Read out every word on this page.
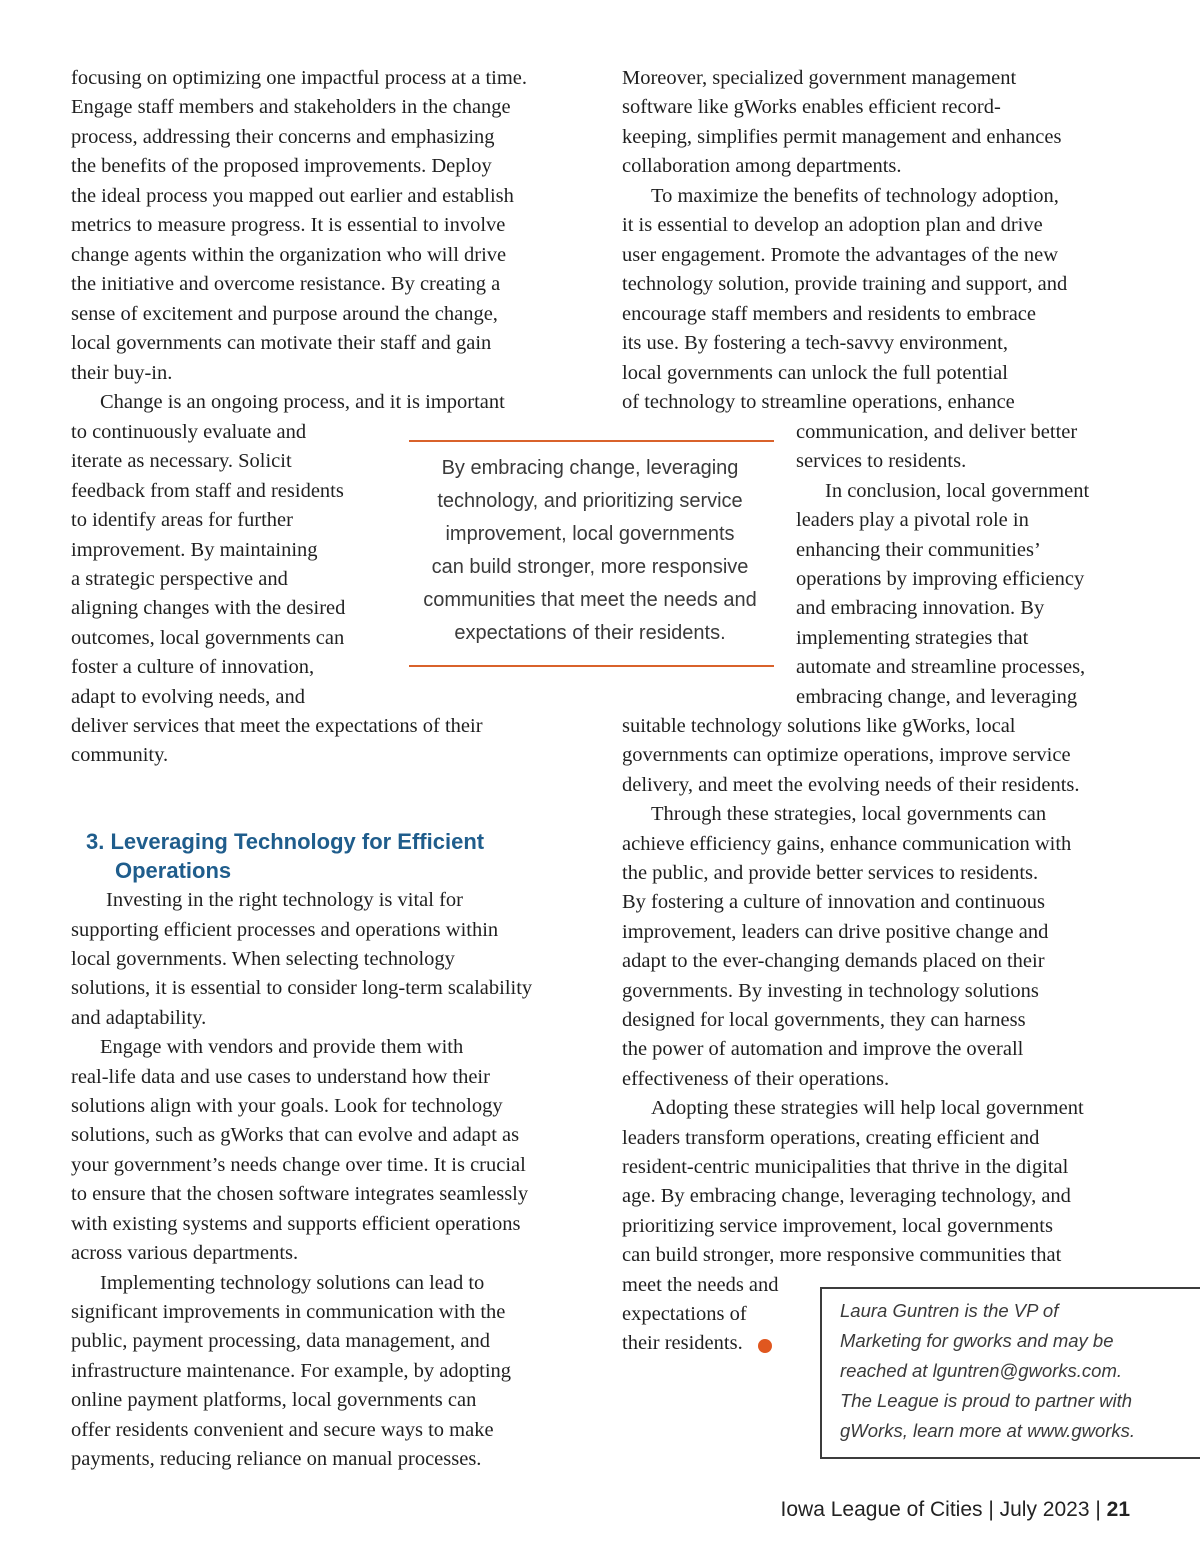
focusing on optimizing one impactful process at a time.
Engage staff members and stakeholders in the change
process, addressing their concerns and emphasizing
the benefits of the proposed improvements. Deploy
the ideal process you mapped out earlier and establish
metrics to measure progress. It is essential to involve
change agents within the organization who will drive
the initiative and overcome resistance. By creating a
sense of excitement and purpose around the change,
local governments can motivate their staff and gain
their buy-in.
Change is an ongoing process, and it is important
to continuously evaluate and
iterate as necessary. Solicit
feedback from staff and residents
to identify areas for further
improvement. By maintaining
a strategic perspective and
aligning changes with the desired
outcomes, local governments can
foster a culture of innovation,
adapt to evolving needs, and
deliver services that meet the expectations of their
community.
3. Leveraging Technology for Efficient
Operations
Investing in the right technology is vital for
supporting efficient processes and operations within
local governments. When selecting technology
solutions, it is essential to consider long-term scalability
and adaptability.
Engage with vendors and provide them with
real-life data and use cases to understand how their
solutions align with your goals. Look for technology
solutions, such as gWorks that can evolve and adapt as
your government’s needs change over time. It is crucial
to ensure that the chosen software integrates seamlessly
with existing systems and supports efficient operations
across various departments.
Implementing technology solutions can lead to
significant improvements in communication with the
public, payment processing, data management, and
infrastructure maintenance. For example, by adopting
online payment platforms, local governments can
offer residents convenient and secure ways to make
payments, reducing reliance on manual processes.
By embracing change, leveraging
technology, and prioritizing service
improvement, local governments
can build stronger, more responsive
communities that meet the needs and
expectations of their residents.
Moreover, specialized government management
software like gWorks enables efficient record-
keeping, simplifies permit management and enhances
collaboration among departments.
To maximize the benefits of technology adoption,
it is essential to develop an adoption plan and drive
user engagement. Promote the advantages of the new
technology solution, provide training and support, and
encourage staff members and residents to embrace
its use. By fostering a tech-savvy environment,
local governments can unlock the full potential
of technology to streamline operations, enhance
communication, and deliver better
services to residents.
In conclusion, local government
leaders play a pivotal role in
enhancing their communities’
operations by improving efficiency
and embracing innovation. By
implementing strategies that
automate and streamline processes,
embracing change, and leveraging
suitable technology solutions like gWorks, local
governments can optimize operations, improve service
delivery, and meet the evolving needs of their residents.
Through these strategies, local governments can
achieve efficiency gains, enhance communication with
the public, and provide better services to residents.
By fostering a culture of innovation and continuous
improvement, leaders can drive positive change and
adapt to the ever-changing demands placed on their
governments. By investing in technology solutions
designed for local governments, they can harness
the power of automation and improve the overall
effectiveness of their operations.
Adopting these strategies will help local government
leaders transform operations, creating efficient and
resident-centric municipalities that thrive in the digital
age. By embracing change, leveraging technology, and
prioritizing service improvement, local governments
can build stronger, more responsive communities that
meet the needs and
expectations of
their residents.
Laura Guntren is the VP of
Marketing for gworks and may be
reached at lguntren@gworks.com.
The League is proud to partner with
gWorks, learn more at www.gworks.
Iowa League of Cities | July 2023 | 21
